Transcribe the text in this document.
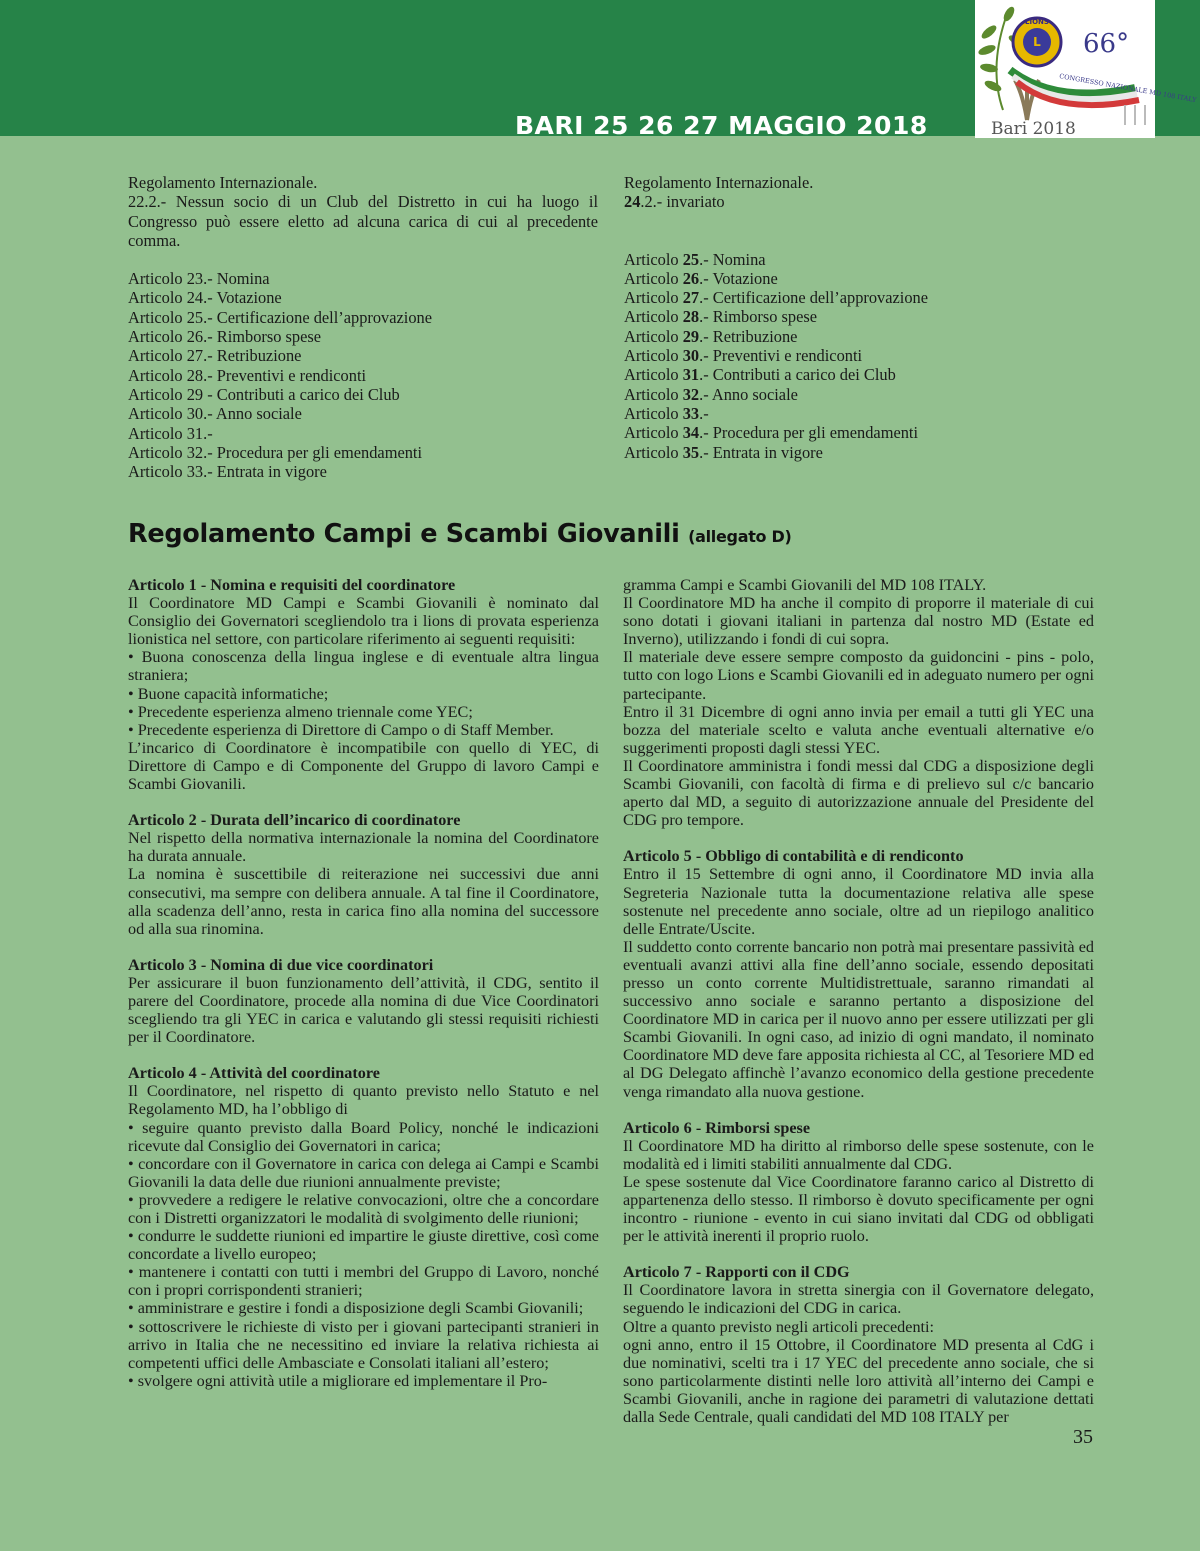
BARI 25 26 27 MAGGIO 2018
LIONS
L 66°
CONGRESSO NAZIONALE MD 108 ITALY
Bari 2018

Regolamento Internazionale.

22.2.- Nessun socio di un Club del Distretto in cui ha luogo il Congresso può essere eletto ad alcuna carica di cui al precedente comma.

Articolo 23.- Nomina

Articolo 24.- Votazione

Articolo 25.- Certificazione dell’approvazione

Articolo 26.- Rimborso spese

Articolo 27.- Retribuzione

Articolo 28.- Preventivi e rendiconti

Articolo 29 - Contributi a carico dei Club

Articolo 30.- Anno sociale

Articolo 31.-

Articolo 32.- Procedura per gli emendamenti

Articolo 33.- Entrata in vigore

Regolamento Internazionale.

24.2.- invariato

Articolo 25.- Nomina

Articolo 26.- Votazione

Articolo 27.- Certificazione dell’approvazione

Articolo 28.- Rimborso spese

Articolo 29.- Retribuzione

Articolo 30.- Preventivi e rendiconti

Articolo 31.- Contributi a carico dei Club

Articolo 32.- Anno sociale

Articolo 33.-

Articolo 34.- Procedura per gli emendamenti

Articolo 35.- Entrata in vigore

Regolamento Campi e Scambi Giovanili (allegato D)

Articolo 1 - Nomina e requisiti del coordinatore

Il Coordinatore MD Campi e Scambi Giovanili è nominato dal Consiglio dei Governatori scegliendolo tra i lions di provata esperienza lionistica nel settore, con particolare riferimento ai seguenti requisiti:

• Buona conoscenza della lingua inglese e di eventuale altra lingua straniera;

• Buone capacità informatiche;

• Precedente esperienza almeno triennale come YEC;

• Precedente esperienza di Direttore di Campo o di Staff Member.

L’incarico di Coordinatore è incompatibile con quello di YEC, di Direttore di Campo e di Componente del Gruppo di lavoro Campi e Scambi Giovanili.

Articolo 2 - Durata dell’incarico di coordinatore

Nel rispetto della normativa internazionale la nomina del Coordinatore ha durata annuale.

La nomina è suscettibile di reiterazione nei successivi due anni consecutivi, ma sempre con delibera annuale. A tal fine il Coordinatore, alla scadenza dell’anno, resta in carica fino alla nomina del successore od alla sua rinomina.

Articolo 3 - Nomina di due vice coordinatori

Per assicurare il buon funzionamento dell’attività, il CDG, sentito il parere del Coordinatore, procede alla nomina di due Vice Coordinatori scegliendo tra gli YEC in carica e valutando gli stessi requisiti richiesti per il Coordinatore.

Articolo 4 - Attività del coordinatore

Il Coordinatore, nel rispetto di quanto previsto nello Statuto e nel Regolamento MD, ha l’obbligo di

• seguire quanto previsto dalla Board Policy, nonché le indicazioni ricevute dal Consiglio dei Governatori in carica;

• concordare con il Governatore in carica con delega ai Campi e Scambi Giovanili la data delle due riunioni annualmente previste;

• provvedere a redigere le relative convocazioni, oltre che a concordare con i Distretti organizzatori le modalità di svolgimento delle riunioni;

• condurre le suddette riunioni ed impartire le giuste direttive, così come concordate a livello europeo;

• mantenere i contatti con tutti i membri del Gruppo di Lavoro, nonché con i propri corrispondenti stranieri;

• amministrare e gestire i fondi a disposizione degli Scambi Giovanili;

• sottoscrivere le richieste di visto per i giovani partecipanti stranieri in arrivo in Italia che ne necessitino ed inviare la relativa richiesta ai competenti uffici delle Ambasciate e Consolati italiani all’estero;

• svolgere ogni attività utile a migliorare ed implementare il Pro-

gramma Campi e Scambi Giovanili del MD 108 ITALY.

Il Coordinatore MD ha anche il compito di proporre il materiale di cui sono dotati i giovani italiani in partenza dal nostro MD (Estate ed Inverno), utilizzando i fondi di cui sopra.

Il materiale deve essere sempre composto da guidoncini - pins - polo, tutto con logo Lions e Scambi Giovanili ed in adeguato numero per ogni partecipante.

Entro il 31 Dicembre di ogni anno invia per email a tutti gli YEC una bozza del materiale scelto e valuta anche eventuali alternative e/o suggerimenti proposti dagli stessi YEC.

Il Coordinatore amministra i fondi messi dal CDG a disposizione degli Scambi Giovanili, con facoltà di firma e di prelievo sul c/c bancario aperto dal MD, a seguito di autorizzazione annuale del Presidente del CDG pro tempore.

Articolo 5 - Obbligo di contabilità e di rendiconto

Entro il 15 Settembre di ogni anno, il Coordinatore MD invia alla Segreteria Nazionale tutta la documentazione relativa alle spese sostenute nel precedente anno sociale, oltre ad un riepilogo analitico delle Entrate/Uscite.

Il suddetto conto corrente bancario non potrà mai presentare passività ed eventuali avanzi attivi alla fine dell’anno sociale, essendo depositati presso un conto corrente Multidistrettuale, saranno rimandati al successivo anno sociale e saranno pertanto a disposizione del Coordinatore MD in carica per il nuovo anno per essere utilizzati per gli Scambi Giovanili. In ogni caso, ad inizio di ogni mandato, il nominato Coordinatore MD deve fare apposita richiesta al CC, al Tesoriere MD ed al DG Delegato affinchè l’avanzo economico della gestione precedente venga rimandato alla nuova gestione.

Articolo 6 - Rimborsi spese

Il Coordinatore MD ha diritto al rimborso delle spese sostenute, con le modalità ed i limiti stabiliti annualmente dal CDG.

Le spese sostenute dal Vice Coordinatore faranno carico al Distretto di appartenenza dello stesso. Il rimborso è dovuto specificamente per ogni incontro - riunione - evento in cui siano invitati dal CDG od obbligati per le attività inerenti il proprio ruolo.

Articolo 7 - Rapporti con il CDG

Il Coordinatore lavora in stretta sinergia con il Governatore delegato, seguendo le indicazioni del CDG in carica.

Oltre a quanto previsto negli articoli precedenti:

ogni anno, entro il 15 Ottobre, il Coordinatore MD presenta al CdG i due nominativi, scelti tra i 17 YEC del precedente anno sociale, che si sono particolarmente distinti nelle loro attività all’interno dei Campi e Scambi Giovanili, anche in ragione dei parametri di valutazione dettati dalla Sede Centrale, quali candidati del MD 108 ITALY per

35
